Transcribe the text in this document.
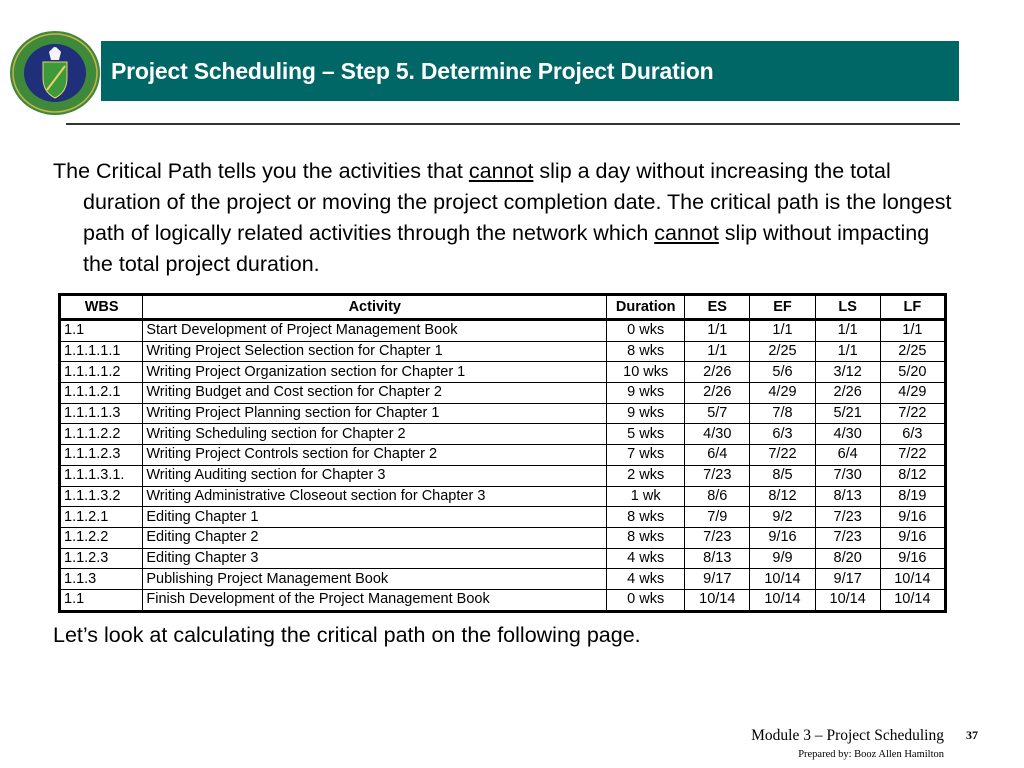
Project Scheduling – Step 5. Determine Project Duration

The Critical Path tells you the activities that cannot slip a day without increasing the total duration of the project or moving the project completion date. The critical path is the longest path of logically related activities through the network which cannot slip without impacting the total project duration.

WBS	Activity	Duration	ES	EF	LS	LF
1.1	Start Development of Project Management Book	0 wks	1/1	1/1	1/1	1/1
1.1.1.1.1	Writing Project Selection section for Chapter 1	8 wks	1/1	2/25	1/1	2/25
1.1.1.1.2	Writing Project Organization section for Chapter 1	10 wks	2/26	5/6	3/12	5/20
1.1.1.2.1	Writing Budget and Cost section for Chapter 2	9 wks	2/26	4/29	2/26	4/29
1.1.1.1.3	Writing Project Planning section for Chapter 1	9 wks	5/7	7/8	5/21	7/22
1.1.1.2.2	Writing Scheduling section for Chapter 2	5 wks	4/30	6/3	4/30	6/3
1.1.1.2.3	Writing Project Controls section for Chapter 2	7 wks	6/4	7/22	6/4	7/22
1.1.1.3.1.	Writing Auditing section for Chapter 3	2 wks	7/23	8/5	7/30	8/12
1.1.1.3.2	Writing Administrative Closeout section for Chapter 3	1 wk	8/6	8/12	8/13	8/19
1.1.2.1	Editing Chapter 1	8 wks	7/9	9/2	7/23	9/16
1.1.2.2	Editing Chapter 2	8 wks	7/23	9/16	7/23	9/16
1.1.2.3	Editing Chapter 3	4 wks	8/13	9/9	8/20	9/16
1.1.3	Publishing Project Management Book	4 wks	9/17	10/14	9/17	10/14
1.1	Finish Development of the Project Management Book	0 wks	10/14	10/14	10/14	10/14
Let’s look at calculating the critical path on the following page.
Module 3 – Project Scheduling 37
Prepared by: Booz Allen Hamilton
